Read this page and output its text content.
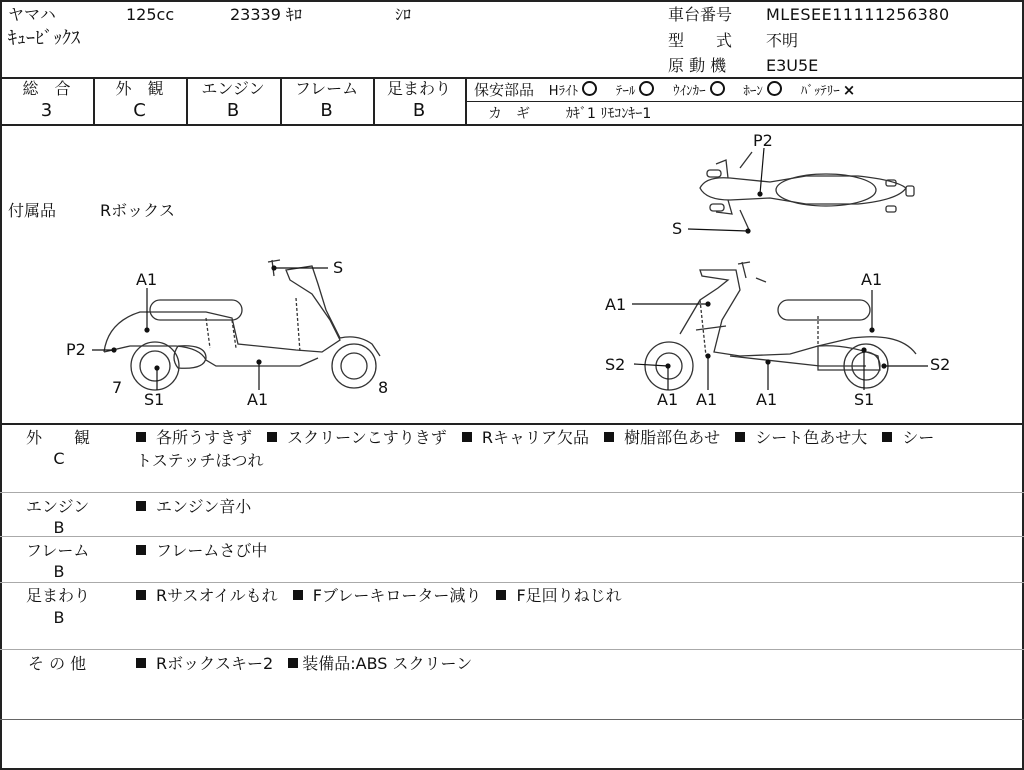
ヤマハ	125cc	23339 ｷﾛ	ｼﾛ
ｷｭｰﾋﾞｯｸｽ
車台番号 MLESEE11111256380
型　　式 不明
原 動 機 E3U5E
総　合
3
外　観
C
エンジン
B
フレーム
B
足まわり
B
保安部品 Hﾗｲﾄ	ﾃｰﾙ	ｳｲﾝｶｰ	ﾎｰﾝ	ﾊﾞｯﾃﾘｰ ×
カ　ギ	ｶｷﾞ1 ﾘﾓｺﾝｷｰ1
付属品	Rボックス
A1
S
P2
7
S1	A1
8
P2
S
A1
A1
S2	S2
A1 A1 A1	S1
外　　観
C
各所うすきず スクリーンこすりきず Rキャリア欠品 樹脂部色あせ シート色あせ大 シー
トステッチほつれ
エンジン
B
エンジン音小
フレーム
B
フレームさび中
足まわり
B
Rサスオイルもれ Fブレーキローター減り F足回りねじれ
そ の 他	Rボックスキー2 装備品:ABS スクリーン
